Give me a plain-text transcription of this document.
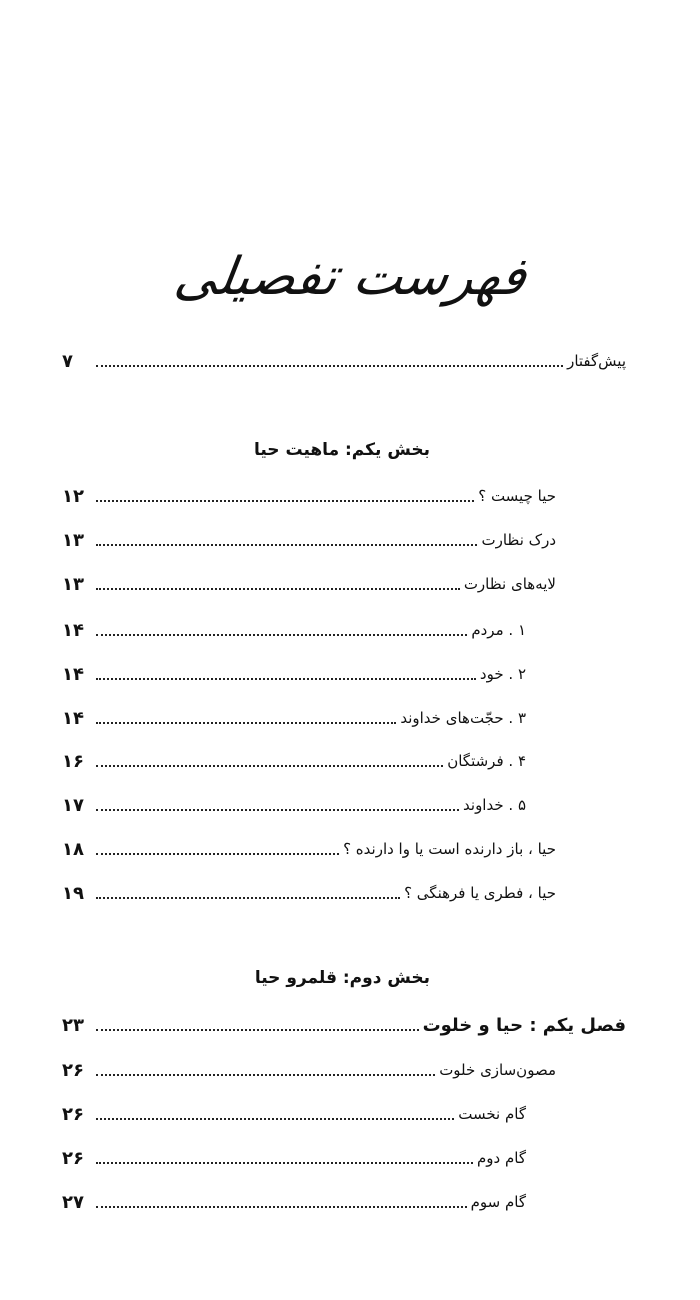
فهرست تفصیلی
پیش‌گفتار
۷
بخش یکم: ماهیت حیا
حیا چیست ؟
۱۲
درک نظارت
۱۳
لایه‌های نظارت
۱۳
۱ . مردم
۱۴
۲ . خود
۱۴
۳ . حجّت‌های خداوند
۱۴
۴ . فرشتگان
۱۶
۵ . خداوند
۱۷
حیا ، باز دارنده است یا وا دارنده ؟
۱۸
حیا ، فطری یا فرهنگی ؟
۱۹
بخش دوم: قلمرو حیا
فصل یکم : حیا و خلوت
۲۳
مصون‌سازی خلوت
۲۶
گام نخست
۲۶
گام دوم
۲۶
گام سوم
۲۷
